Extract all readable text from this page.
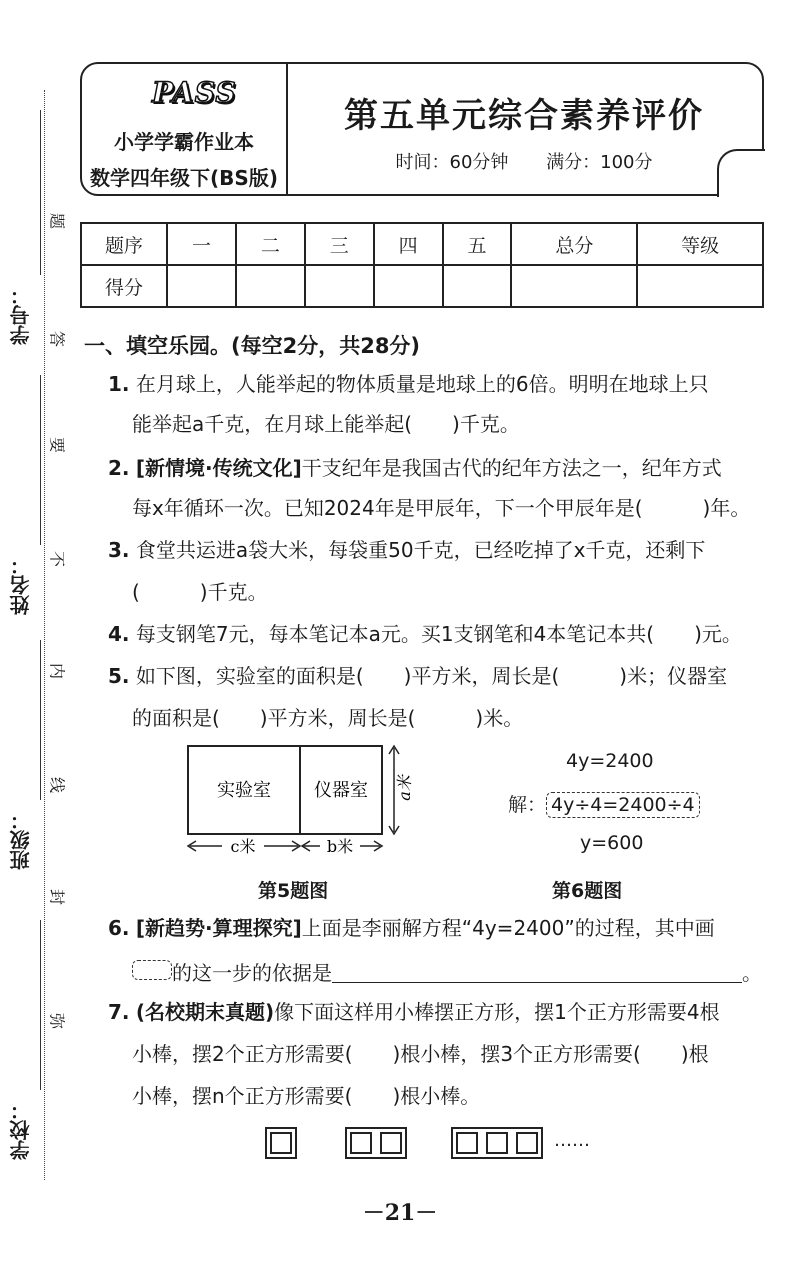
学校：
班级：
姓名：
学号：
题
答
要
不
内
线
封
弥
PASS
小学学霸作业本
数学四年级下(BS版)
第五单元综合素养评价
时间：60分钟 满分：100分
题序	一	二	三	四	五	总分	等级
得分							
一、填空乐园。(每空2分，共28分)
1. 在月球上，人能举起的物体质量是地球上的6倍。明明在地球上只
能举起a千克，在月球上能举起(　　)千克。
2. [新情境·传统文化]干支纪年是我国古代的纪年方法之一，纪年方式
每x年循环一次。已知2024年是甲辰年，下一个甲辰年是(　　　)年。
3. 食堂共运进a袋大米，每袋重50千克，已经吃掉了x千克，还剩下
(　　　)千克。
4. 每支钢笔7元，每本笔记本a元。买1支钢笔和4本笔记本共(　　)元。
5. 如下图，实验室的面积是(　　)平方米，周长是(　　　)米；仪器室
的面积是(　　)平方米，周长是(　　　)米。
实验室 仪器室 a米
c米	b米
第5题图
4y=2400
解： 4y÷4=2400÷4
y=600
第6题图
6. [新趋势·算理探究]上面是李丽解方程“4y=2400”的过程，其中画
的这一步的依据是	。
7. (名校期末真题)像下面这样用小棒摆正方形，摆1个正方形需要4根
小棒，摆2个正方形需要(　　)根小棒，摆3个正方形需要(　　)根
小棒，摆n个正方形需要(　　)根小棒。
……
－21－
